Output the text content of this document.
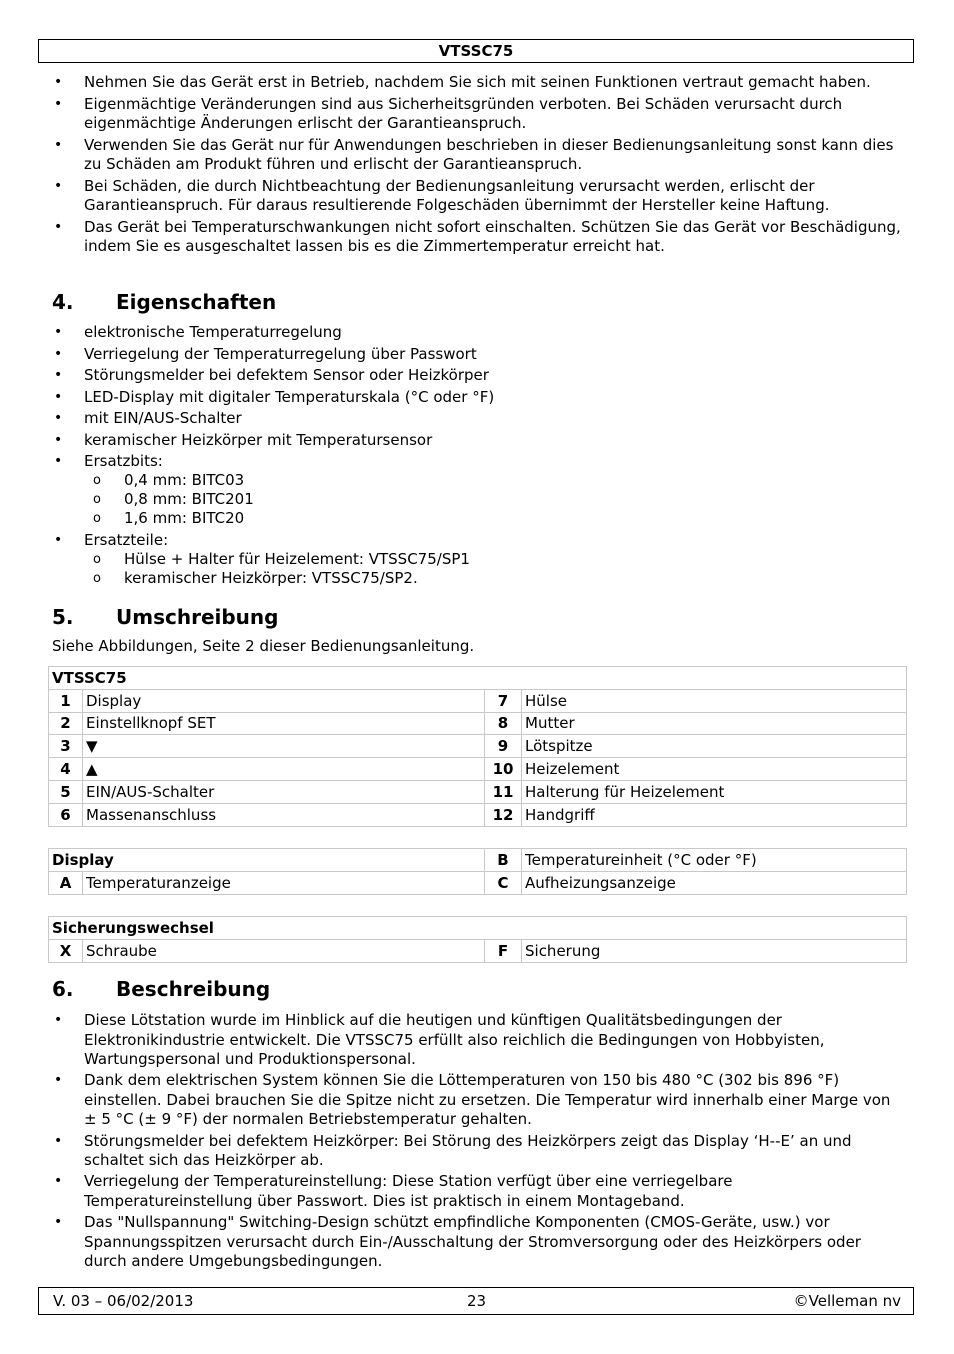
VTSSC75
• Nehmen Sie das Gerät erst in Betrieb, nachdem Sie sich mit seinen Funktionen vertraut gemacht haben.
• Eigenmächtige Veränderungen sind aus Sicherheitsgründen verboten. Bei Schäden verursacht durch eigenmächtige Änderungen erlischt der Garantieanspruch.
• Verwenden Sie das Gerät nur für Anwendungen beschrieben in dieser Bedienungsanleitung sonst kann dies zu Schäden am Produkt führen und erlischt der Garantieanspruch.
• Bei Schäden, die durch Nichtbeachtung der Bedienungsanleitung verursacht werden, erlischt der Garantieanspruch. Für daraus resultierende Folgeschäden übernimmt der Hersteller keine Haftung.
• Das Gerät bei Temperaturschwankungen nicht sofort einschalten. Schützen Sie das Gerät vor Beschädigung, indem Sie es ausgeschaltet lassen bis es die Zimmertemperatur erreicht hat.
4. Eigenschaften
• elektronische Temperaturregelung
• Verriegelung der Temperaturregelung über Passwort
• Störungsmelder bei defektem Sensor oder Heizkörper
• LED-Display mit digitaler Temperaturskala (°C oder °F)
• mit EIN/AUS-Schalter
• keramischer Heizkörper mit Temperatursensor
• Ersatzbits:
o 0,4 mm: BITC03
o 0,8 mm: BITC201
o 1,6 mm: BITC20
• Ersatzteile:
o Hülse + Halter für Heizelement: VTSSC75/SP1
o keramischer Heizkörper: VTSSC75/SP2.
5. Umschreibung

Siehe Abbildungen, Seite 2 dieser Bedienungsanleitung.

VTSSC75			
1	Display	7	Hülse
2	Einstellknopf SET	8	Mutter
3	▼	9	Lötspitze
4	▲	10	Heizelement
5	EIN/AUS-Schalter	11	Halterung für Heizelement
6	Massenanschluss	12	Handgriff
Display		B	Temperatureinheit (°C oder °F)
A	Temperaturanzeige	C	Aufheizungsanzeige
Sicherungswechsel
X	Schraube	F	Sicherung
6. Beschreibung
• Diese Lötstation wurde im Hinblick auf die heutigen und künftigen Qualitätsbedingungen der Elektronikindustrie entwickelt. Die VTSSC75 erfüllt also reichlich die Bedingungen von Hobbyisten, Wartungspersonal und Produktionspersonal.
• Dank dem elektrischen System können Sie die Löttemperaturen von 150 bis 480 °C (302 bis 896 °F) einstellen. Dabei brauchen Sie die Spitze nicht zu ersetzen. Die Temperatur wird innerhalb einer Marge von ± 5 °C (± 9 °F) der normalen Betriebstemperatur gehalten.
• Störungsmelder bei defektem Heizkörper: Bei Störung des Heizkörpers zeigt das Display ‘H--E’ an und schaltet sich das Heizkörper ab.
• Verriegelung der Temperatureinstellung: Diese Station verfügt über eine verriegelbare Temperatureinstellung über Passwort. Dies ist praktisch in einem Montageband.
• Das "Nullspannung" Switching-Design schützt empfindliche Komponenten (CMOS-Geräte, usw.) vor Spannungsspitzen verursacht durch Ein-/Ausschaltung der Stromversorgung oder des Heizkörpers oder durch andere Umgebungsbedingungen.
V. 03 – 06/02/2013	23	©Velleman nv
